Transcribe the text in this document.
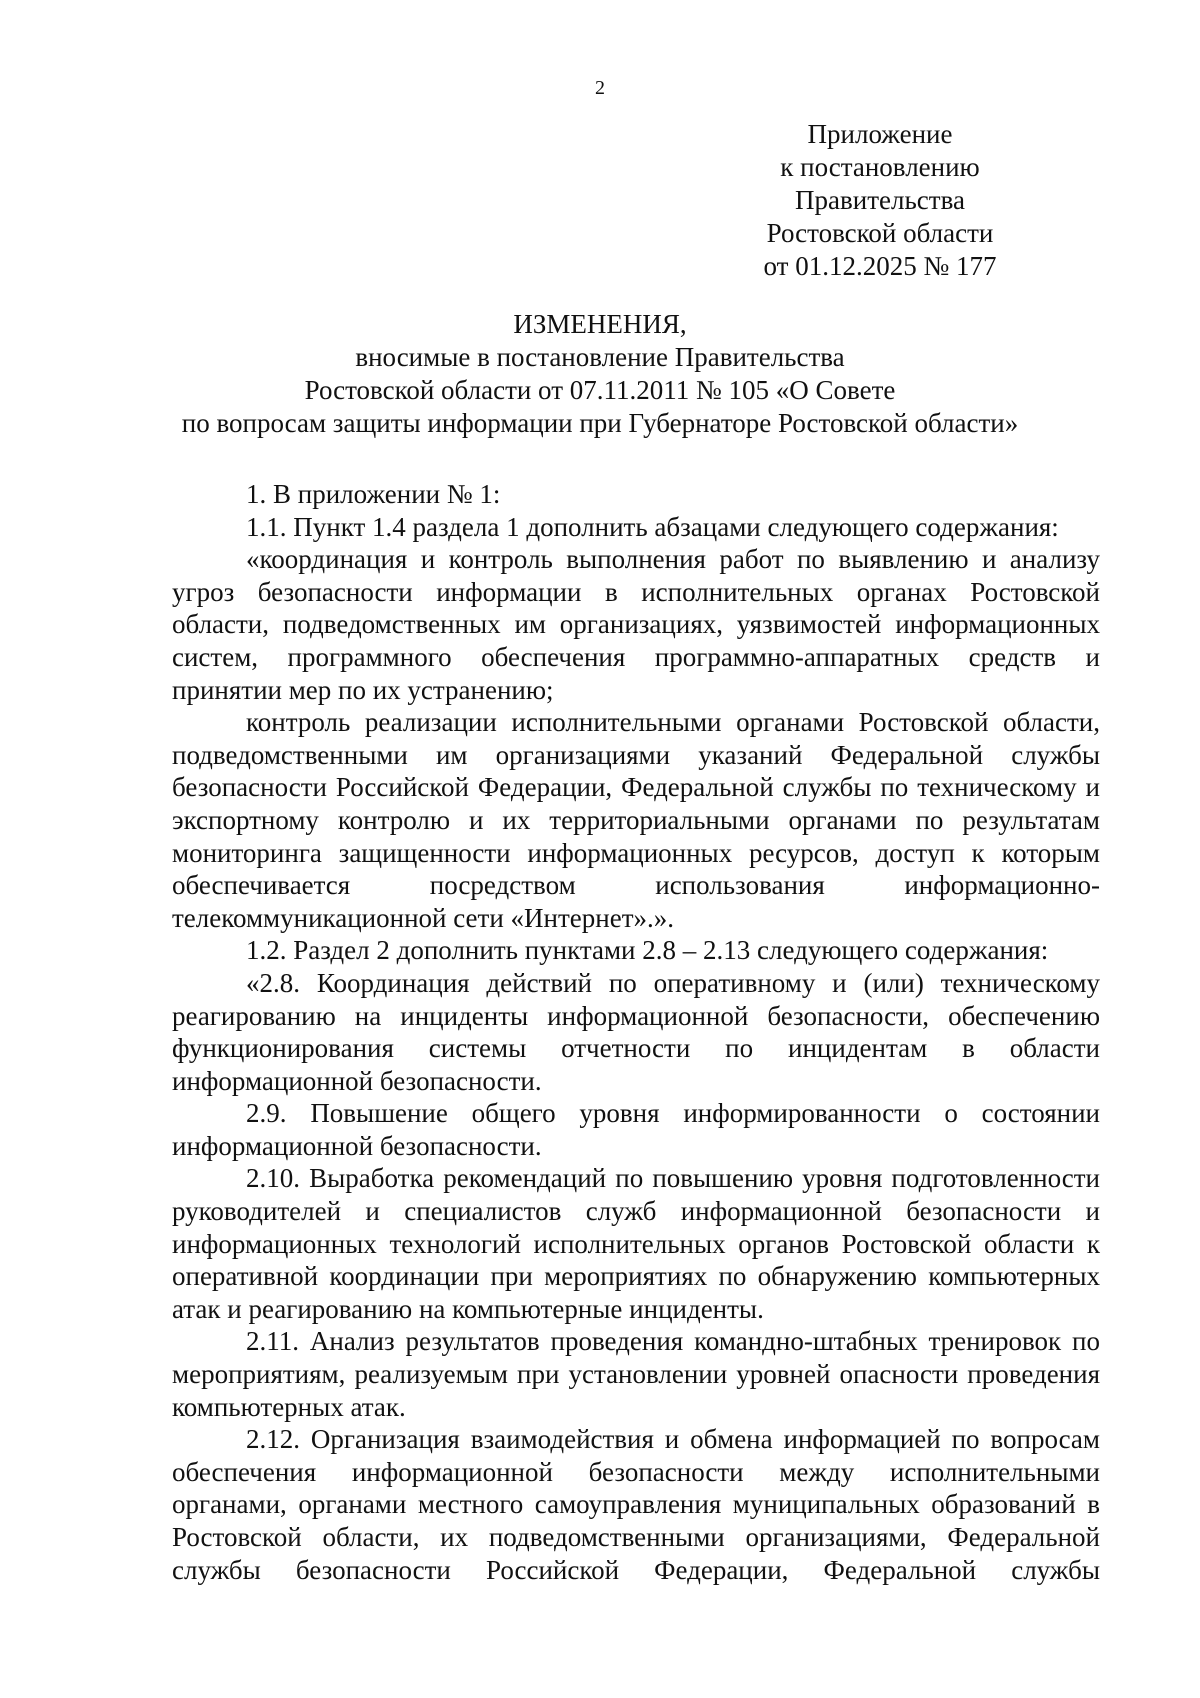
2
Приложение
к постановлению
Правительства
Ростовской области
от 01.12.2025 № 177
ИЗМЕНЕНИЯ,
вносимые в постановление Правительства
Ростовской области от 07.11.2011 № 105 «О Совете
по вопросам защиты информации при Губернаторе Ростовской области»

1. В приложении № 1:

1.1. Пункт 1.4 раздела 1 дополнить абзацами следующего содержания:

«координация и контроль выполнения работ по выявлению и анализу угроз безопасности информации в исполнительных органах Ростовской области, подведомственных им организациях, уязвимостей информационных систем, программного обеспечения программно-аппаратных средств и принятии мер по их устранению;

контроль реализации исполнительными органами Ростовской области, подведомственными им организациями указаний Федеральной службы безопасности Российской Федерации, Федеральной службы по техническому и экспортному контролю и их территориальными органами по результатам мониторинга защищенности информационных ресурсов, доступ к которым обеспечивается посредством использования информационно-телекоммуникационной сети «Интернет».».

1.2. Раздел 2 дополнить пунктами 2.8 – 2.13 следующего содержания:

«2.8. Координация действий по оперативному и (или) техническому реагированию на инциденты информационной безопасности, обеспечению функционирования системы отчетности по инцидентам в области информационной безопасности.

2.9. Повышение общего уровня информированности о состоянии информационной безопасности.

2.10. Выработка рекомендаций по повышению уровня подготовленности руководителей и специалистов служб информационной безопасности и информационных технологий исполнительных органов Ростовской области к оперативной координации при мероприятиях по обнаружению компьютерных атак и реагированию на компьютерные инциденты.

2.11. Анализ результатов проведения командно-штабных тренировок по мероприятиям, реализуемым при установлении уровней опасности проведения компьютерных атак.

2.12. Организация взаимодействия и обмена информацией по вопросам обеспечения информационной безопасности между исполнительными органами, органами местного самоуправления муниципальных образований в Ростовской области, их подведомственными организациями, Федеральной службы безопасности Российской Федерации, Федеральной службы
